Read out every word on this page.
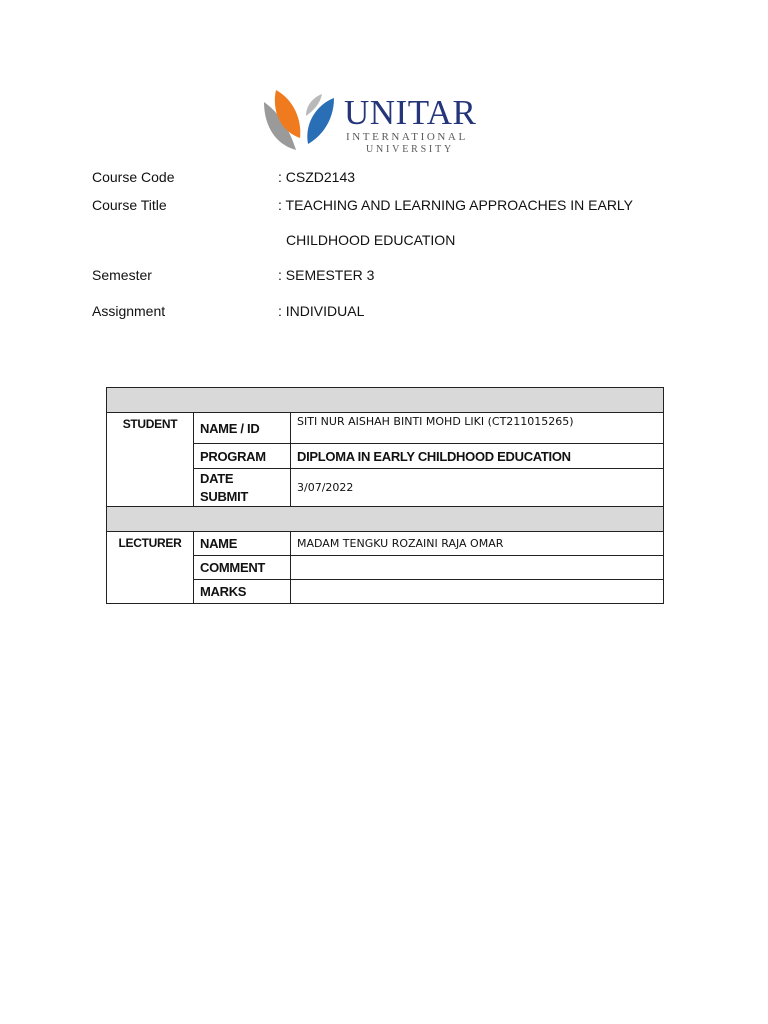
UNITAR
INTERNATIONAL
UNIVERSITY
Course Code	: CSZD2143
Course Title	: TEACHING AND LEARNING APPROACHES IN EARLY
CHILDHOOD EDUCATION
Semester	: SEMESTER 3
Assignment	: INDIVIDUAL

STUDENT	NAME / ID	SITI NUR AISHAH BINTI MOHD LIKI (CT211015265)
	PROGRAM	DIPLOMA IN EARLY CHILDHOOD EDUCATION
	DATE
SUBMIT	3/07/2022

LECTURER	NAME	MADAM TENGKU ROZAINI RAJA OMAR
	COMMENT	
	MARKS	
